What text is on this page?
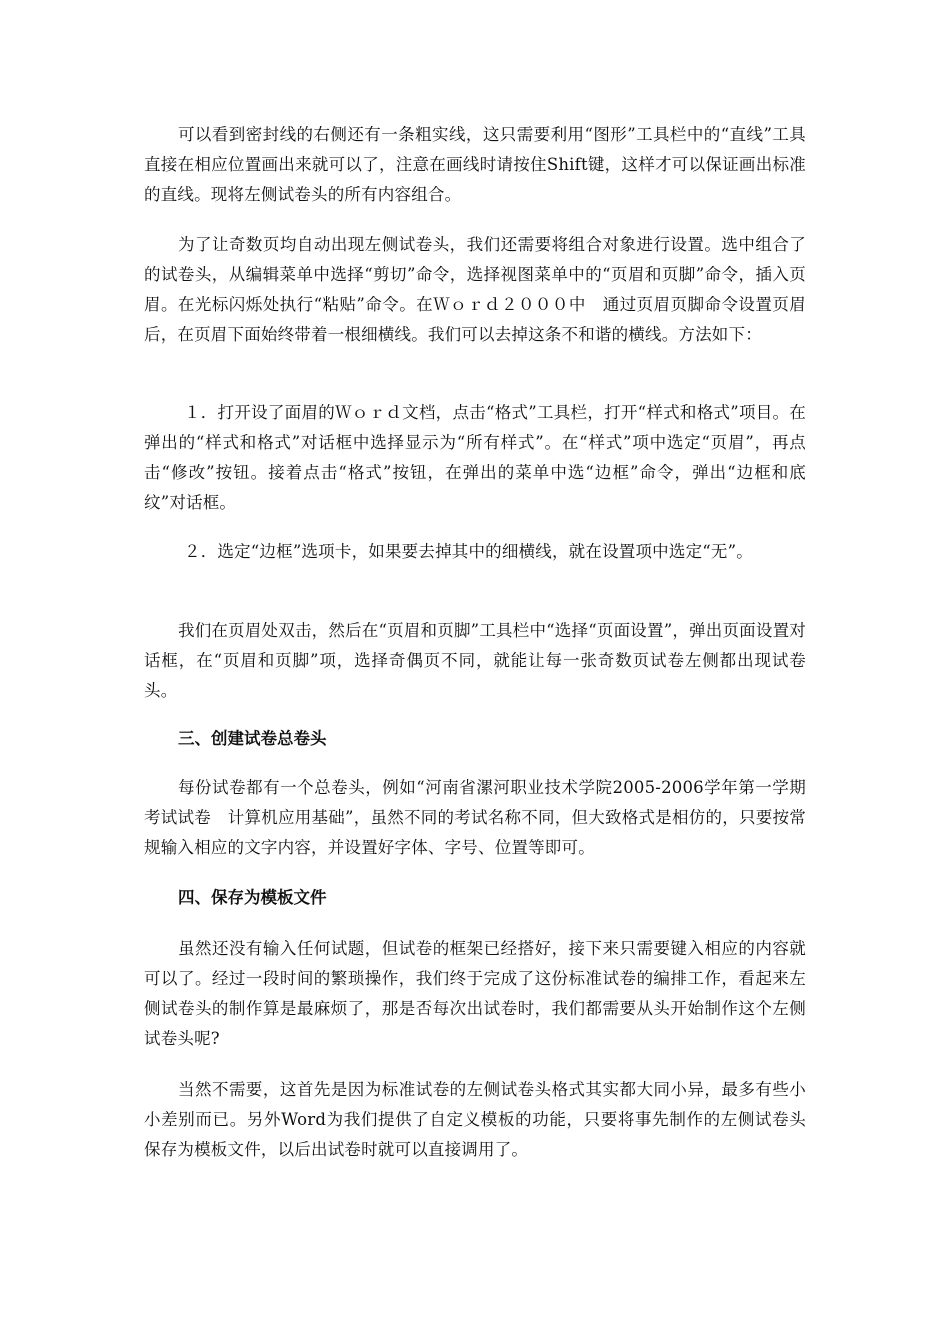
可以看到密封线的右侧还有一条粗实线，这只需要利用“图形”工具栏中的“直线”工具直接在相应位置画出来就可以了，注意在画线时请按住Shift键，这样才可以保证画出标准的直线。现将左侧试卷头的所有内容组合。

为了让奇数页均自动出现左侧试卷头，我们还需要将组合对象进行设置。选中组合了的试卷头，从编辑菜单中选择“剪切”命令，选择视图菜单中的“页眉和页脚”命令，插入页眉。在光标闪烁处执行“粘贴”命令。在Ｗｏｒｄ２０００中　通过页眉页脚命令设置页眉后，在页眉下面始终带着一根细横线。我们可以去掉这条不和谐的横线。方法如下：

１．打开设了面眉的Ｗｏｒｄ文档，点击“格式”工具栏，打开“样式和格式”项目。在弹出的“样式和格式”对话框中选择显示为“所有样式”。在“样式”项中选定“页眉”，再点击“修改”按钮。接着点击“格式”按钮，在弹出的菜单中选“边框”命令，弹出“边框和底纹”对话框。

２．选定“边框”选项卡，如果要去掉其中的细横线，就在设置项中选定“无”。

我们在页眉处双击，然后在“页眉和页脚”工具栏中“选择“页面设置”，弹出页面设置对话框，在“页眉和页脚”项，选择奇偶页不同，就能让每一张奇数页试卷左侧都出现试卷头。

三、创建试卷总卷头

每份试卷都有一个总卷头，例如“河南省漯河职业技术学院2005-2006学年第一学期考试试卷　计算机应用基础”，虽然不同的考试名称不同，但大致格式是相仿的，只要按常规输入相应的文字内容，并设置好字体、字号、位置等即可。

四、保存为模板文件

虽然还没有输入任何试题，但试卷的框架已经搭好，接下来只需要键入相应的内容就可以了。经过一段时间的繁琐操作，我们终于完成了这份标准试卷的编排工作，看起来左侧试卷头的制作算是最麻烦了，那是否每次出试卷时，我们都需要从头开始制作这个左侧试卷头呢?

当然不需要，这首先是因为标准试卷的左侧试卷头格式其实都大同小异，最多有些小小差别而已。另外Word为我们提供了自定义模板的功能，只要将事先制作的左侧试卷头保存为模板文件，以后出试卷时就可以直接调用了。
